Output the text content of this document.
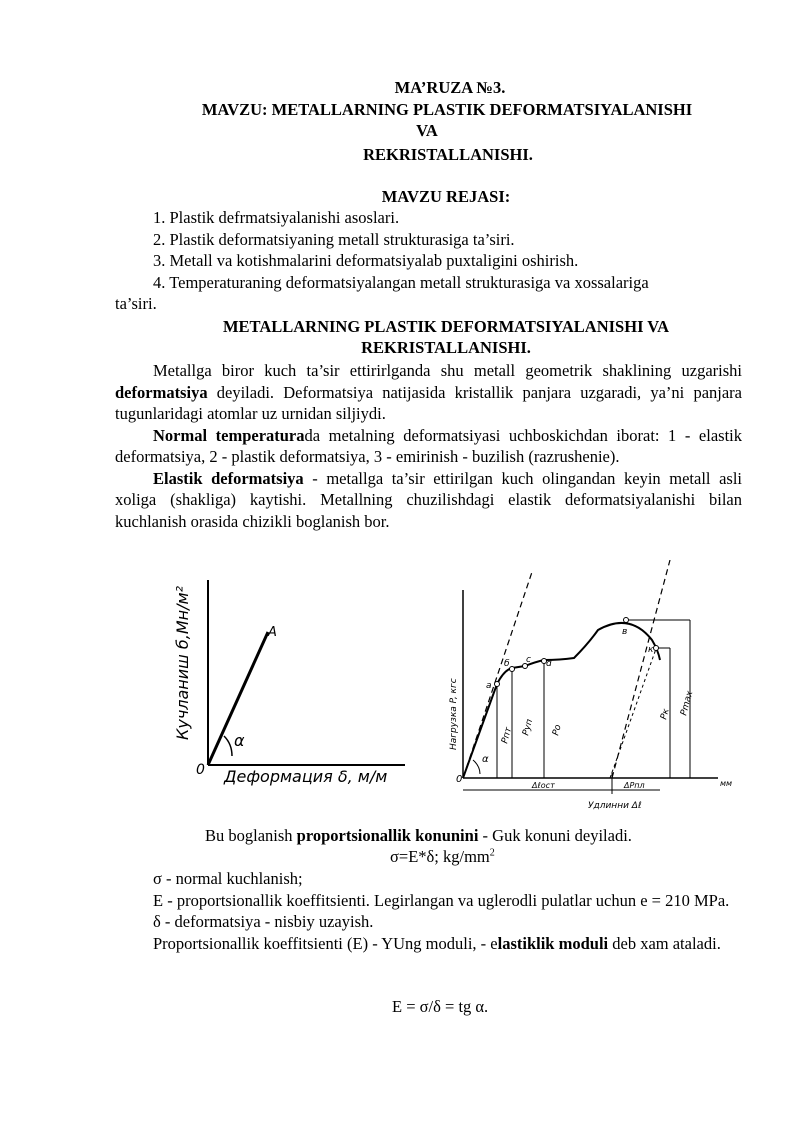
MA’RUZA №3.
MAVZU: METALLARNING PLASTIK DEFORMATSIYALANISHI
VA
REKRISTALLANISHI.
MAVZU REJASI:
1. Plastik defrmatsiyalanishi asoslari.
2. Plastik deformatsiyaning metall strukturasiga ta’siri.
3. Metall va kotishmalarini deformatsiyalab puxtaligini oshirish.
4. Temperaturaning deformatsiyalangan metall strukturasiga va xossalariga
ta’siri.
METALLARNING PLASTIK DEFORMATSIYALANISHI VA
REKRISTALLANISHI.

Metallga biror kuch ta’sir ettirirlganda shu metall geometrik shaklining uzgarishi deformatsiya deyiladi. Deformatsiya natijasida kristallik panjara uzgaradi, ya’ni panjara tugunlaridagi atomlar uz urnidan siljiydi.

Normal temperaturada metalning deformatsiyasi uchboskichdan iborat: 1 - elastik deformatsiya, 2 - plastik deformatsiya, 3 - emirinish - buzilish (razrushenie).

Elastik deformatsiya - metallga ta’sir ettirilgan kuch olingandan keyin metall asli xoliga (shakliga) kaytishi. Metallning chuzilishdagi elastik deformatsiyalanishi bilan kuchlanish orasida chizikli boglanish bor.

Кучланиш б,Мн/м²
Деформация δ, м/м
0
A
α	Нагрузка P, кгс
мм
0
α
a
б c d
в
к
Pпт Pуп Pо
Pк Pmax
Δℓост	ΔPпл
Удлинни Δℓ
Bu boglanish proportsionallik konunini - Guk konuni deyiladi.
σ=E*δ; $kg/mm^2$

σ - normal kuchlanish;

E - proportsionallik koeffitsienti. Legirlangan va uglerodli pulatlar uchun e = 210 MPa.

δ - deformatsiya - nisbiy uzayish.

Proportsionallik koeffitsienti (E) - YUng moduli, - elastiklik moduli deb xam ataladi.

E = σ/δ = tg α.
